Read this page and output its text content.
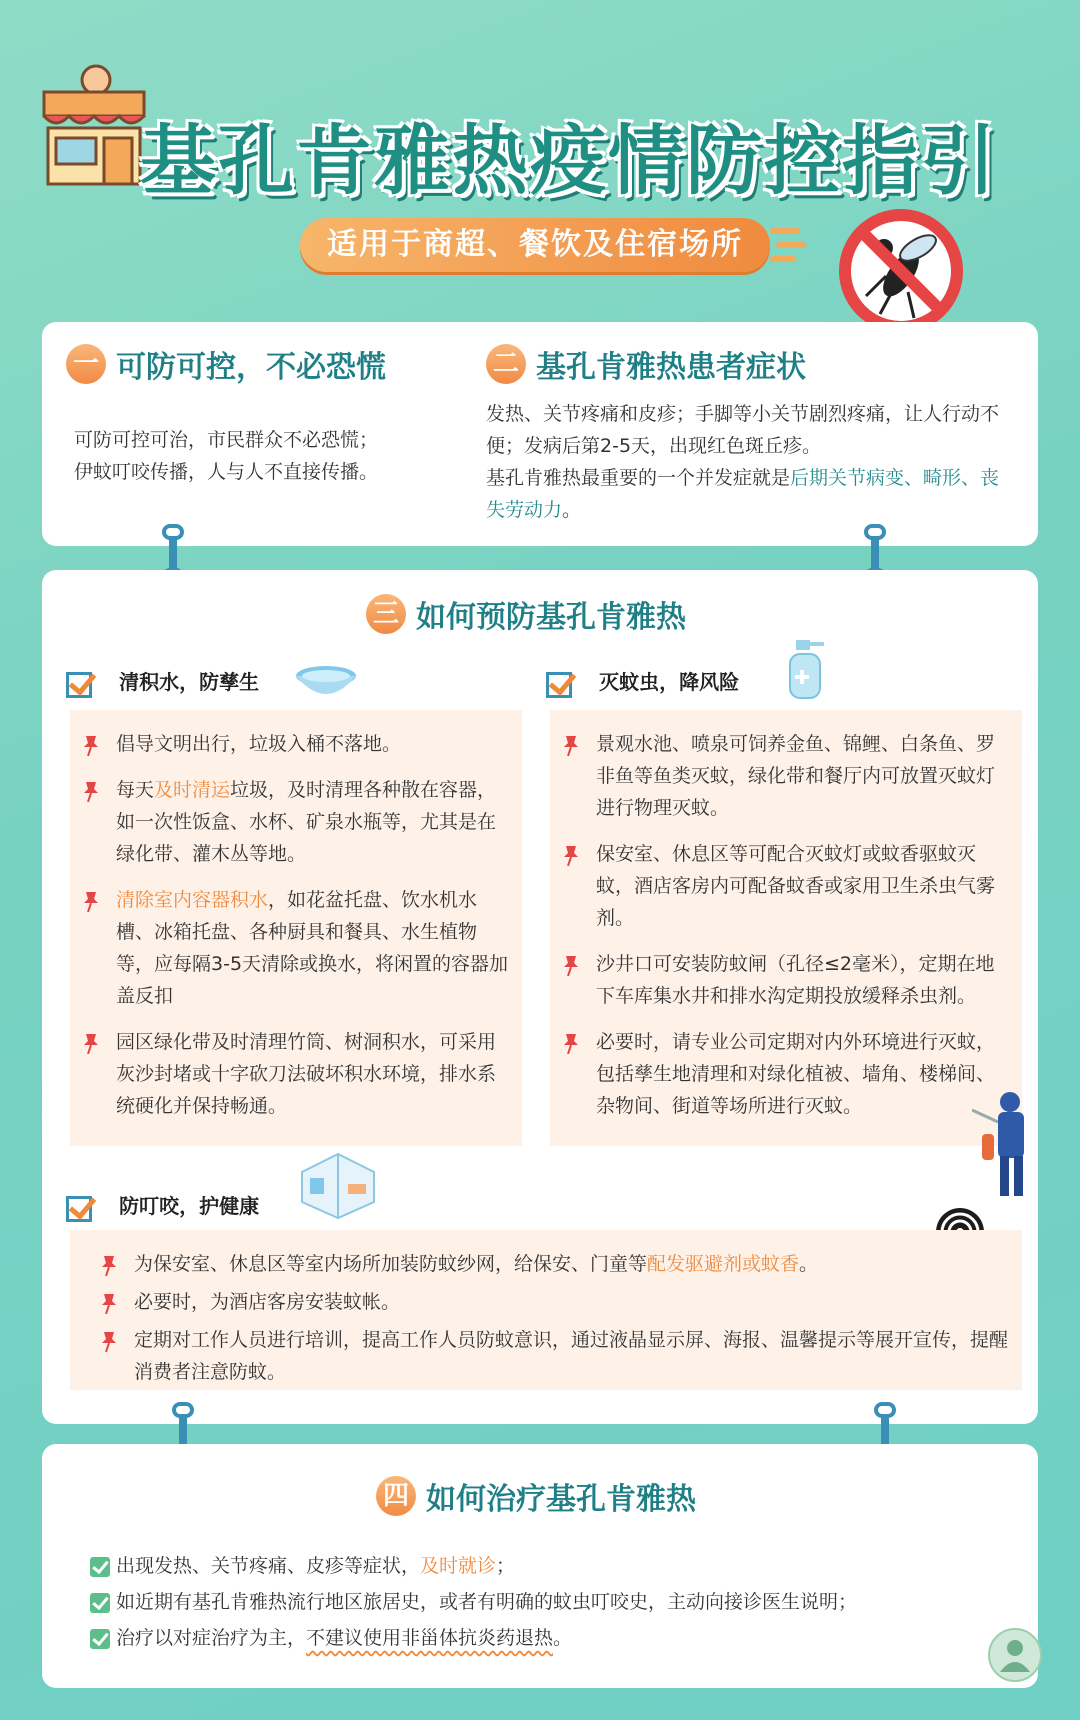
基孔肯雅热疫情防控指引
适用于商超、餐饮及住宿场所
一 可防可控，不必恐慌
可防可控可治，市民群众不必恐慌；
伊蚊叮咬传播，人与人不直接传播。
二 基孔肯雅热患者症状
发热、关节疼痛和皮疹；手脚等小关节剧烈疼痛，让人行动不便；发病后第2-5天，出现红色斑丘疹。
基孔肯雅热最重要的一个并发症就是后期关节病变、畸形、丧失劳动力。
三 如何预防基孔肯雅热
清积水，防孳生
倡导文明出行，垃圾入桶不落地。
每天及时清运垃圾，及时清理各种散在容器，如一次性饭盒、水杯、矿泉水瓶等，尤其是在绿化带、灌木丛等地。
清除室内容器积水，如花盆托盘、饮水机水槽、冰箱托盘、各种厨具和餐具、水生植物等，应每隔3-5天清除或换水，将闲置的容器加盖反扣
园区绿化带及时清理竹筒、树洞积水，可采用灰沙封堵或十字砍刀法破坏积水环境，排水系统硬化并保持畅通。
灭蚊虫，降风险
景观水池、喷泉可饲养金鱼、锦鲤、白条鱼、罗非鱼等鱼类灭蚊，绿化带和餐厅内可放置灭蚊灯进行物理灭蚊。
保安室、休息区等可配合灭蚊灯或蚊香驱蚊灭蚊，酒店客房内可配备蚊香或家用卫生杀虫气雾剂。
沙井口可安装防蚊闸（孔径≤2毫米），定期在地下车库集水井和排水沟定期投放缓释杀虫剂。
必要时，请专业公司定期对内外环境进行灭蚊，包括孳生地清理和对绿化植被、墙角、楼梯间、杂物间、街道等场所进行灭蚊。
防叮咬，护健康
为保安室、休息区等室内场所加装防蚊纱网，给保安、门童等配发驱避剂或蚊香。
必要时，为酒店客房安装蚊帐。
定期对工作人员进行培训，提高工作人员防蚊意识，通过液晶显示屏、海报、温馨提示等展开宣传，提醒消费者注意防蚊。
四 如何治疗基孔肯雅热
出现发热、关节疼痛、皮疹等症状，及时就诊；
如近期有基孔肯雅热流行地区旅居史，或者有明确的蚊虫叮咬史，主动向接诊医生说明；
治疗以对症治疗为主，不建议使用非甾体抗炎药退热。
